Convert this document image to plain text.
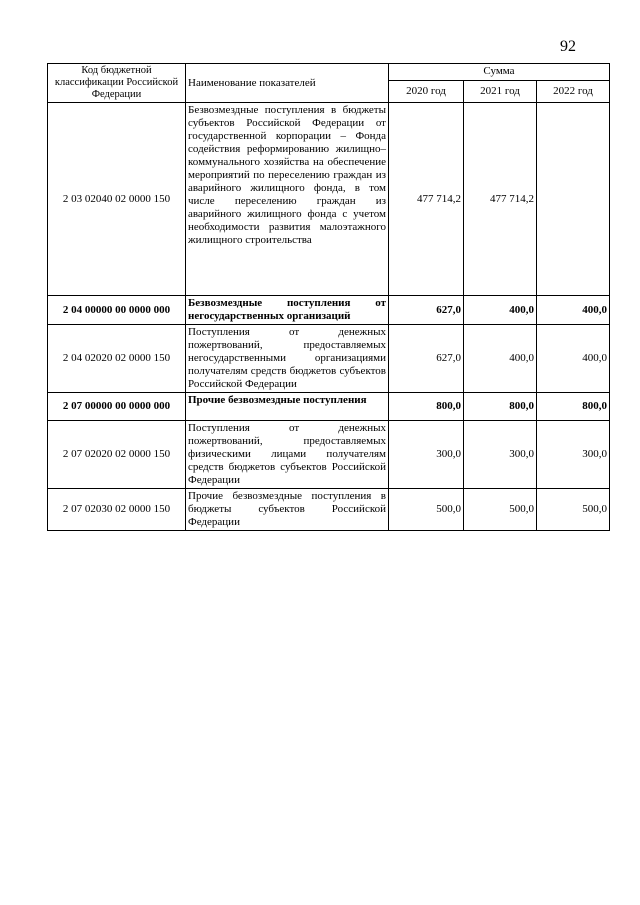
92
Код бюджетной классификации Российской Федерации	Наименование показателей	Сумма		
		2020 год	2021 год	2022 год
2 03 02040 02 0000 150	Безвозмездные поступления в бюджеты субъектов Российской Федерации от государственной корпорации – Фонда содействия реформированию жилищно–коммунального хозяйства на обеспечение мероприятий по переселению граждан из аварийного жилищного фонда, в том числе переселению граждан из аварийного жилищного фонда с учетом необходимости развития малоэтажного жилищного строительства	477 714,2	477 714,2	
2 04 00000 00 0000 000	Безвозмездные поступления от негосударственных организаций	627,0	400,0	400,0
2 04 02020 02 0000 150	Поступления от денежных пожертвований, предоставляемых негосударственными организациями получателям средств бюджетов субъектов Российской Федерации	627,0	400,0	400,0
2 07 00000 00 0000 000	Прочие безвозмездные поступления	800,0	800,0	800,0
2 07 02020 02 0000 150	Поступления от денежных пожертвований, предоставляемых физическими лицами получателям средств бюджетов субъектов Российской Федерации	300,0	300,0	300,0
2 07 02030 02 0000 150	Прочие безвозмездные поступления в бюджеты субъектов Российской Федерации	500,0	500,0	500,0
